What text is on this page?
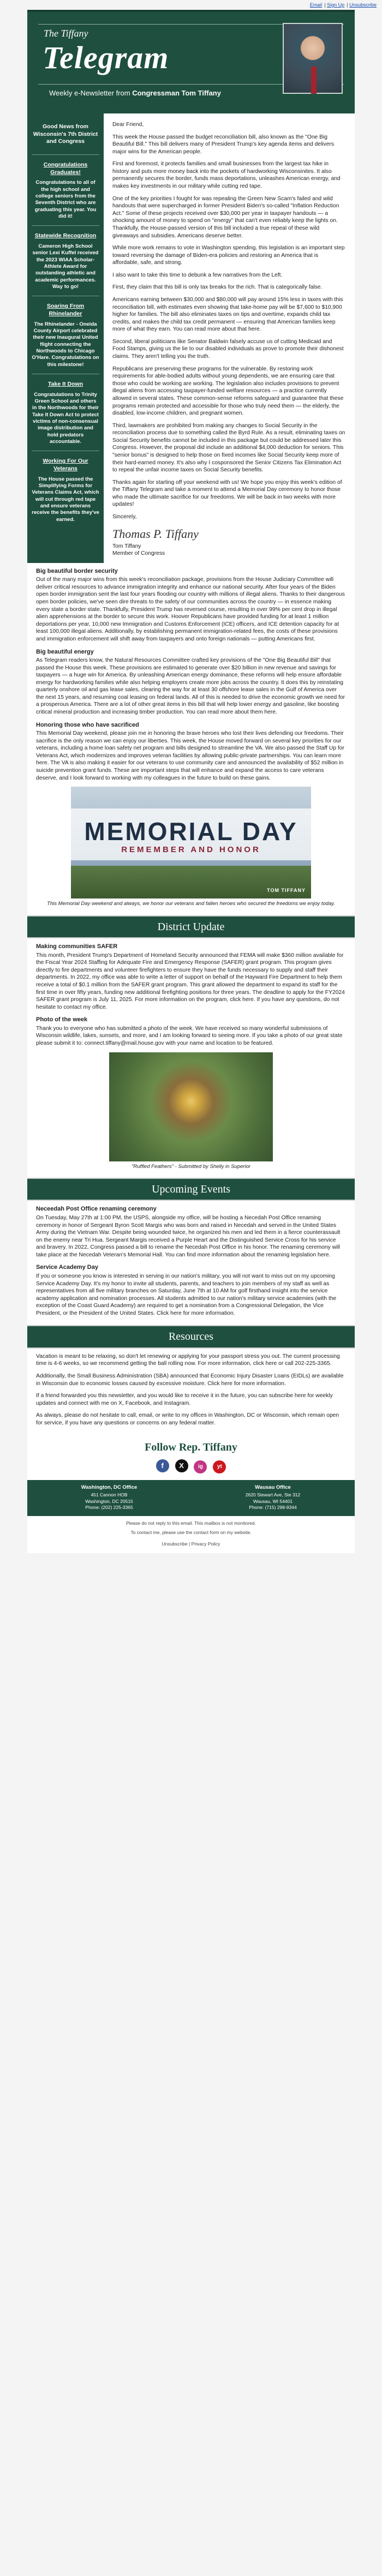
Email | Sign Up | Unsubscribe
The Tiffany
Telegram
Weekly e-Newsletter from Congressman Tom Tiffany
Good News from Wisconsin's 7th District and Congress
Congratulations Graduates!

Congratulations to all of the high school and college seniors from the Seventh District who are graduating this year. You did it!

Statewide Recognition

Cameron High School senior Lexi Kuffel received the 2023 WIAA Scholar-Athlete Award for outstanding athletic and academic performances. Way to go!

Soaring From Rhinelander

The Rhinelander - Oneida County Airport celebrated their new Inaugural United flight connecting the Northwoods to Chicago O'Hare. Congratulations on this milestone!

Take It Down

Congratulations to Trinity Green School and others in the Northwoods for their Take It Down Act to protect victims of non-consensual image distribution and hold predators accountable.

Working For Our Veterans

The House passed the Simplifying Forms for Veterans Claims Act, which will cut through red tape and ensure veterans receive the benefits they've earned.

Dear Friend,

This week the House passed the budget reconciliation bill, also known as the "One Big Beautiful Bill." This bill delivers many of President Trump's key agenda items and delivers major wins for the American people.

First and foremost, it protects families and small businesses from the largest tax hike in history and puts more money back into the pockets of hardworking Wisconsinites. It also permanently secures the border, funds mass deportations, unleashes American energy, and makes key investments in our military while cutting red tape.

One of the key priorities I fought for was repealing the Green New Scam's failed and wild handouts that were supercharged in former President Biden's so-called "Inflation Reduction Act." Some of these projects received over $30,000 per year in taxpayer handouts — a shocking amount of money to spend on "energy" that can't even reliably keep the lights on. Thankfully, the House-passed version of this bill included a true repeal of these wild giveaways and subsidies. Americans deserve better.

While more work remains to vote in Washington spending, this legislation is an important step toward reversing the damage of Biden-era policies and restoring an America that is affordable, safe, and strong.

I also want to take this time to debunk a few narratives from the Left.

First, they claim that this bill is only tax breaks for the rich. That is categorically false.

Americans earning between $30,000 and $80,000 will pay around 15% less in taxes with this reconciliation bill, with estimates even showing that take-home pay will be $7,600 to $10,900 higher for families. The bill also eliminates taxes on tips and overtime, expands child tax credits, and makes the child tax credit permanent — ensuring that American families keep more of what they earn. You can read more about that here.

Second, liberal politicians like Senator Baldwin falsely accuse us of cutting Medicaid and Food Stamps, giving us the lie to our disabled individuals as prove to promote their dishonest claims. They aren't telling you the truth.

Republicans are preserving these programs for the vulnerable. By restoring work requirements for able-bodied adults without young dependents, we are ensuring care that those who could be working are working. The legislation also includes provisions to prevent illegal aliens from accessing taxpayer-funded welfare resources — a practice currently allowed in several states. These common-sense reforms safeguard and guarantee that these programs remain protected and accessible for those who truly need them — the elderly, the disabled, low-income children, and pregnant women.

Third, lawmakers are prohibited from making any changes to Social Security in the reconciliation process due to something called the Byrd Rule. As a result, eliminating taxes on Social Security benefits cannot be included in this package but could be addressed later this Congress. However, the proposal did include an additional $4,000 deduction for seniors. This "senior bonus" is designed to help those on fixed incomes like Social Security keep more of their hard-earned money. It's also why I cosponsored the Senior Citizens Tax Elimination Act to repeal the unfair income taxes on Social Security benefits.

Thanks again for starting off your weekend with us! We hope you enjoy this week's edition of the Tiffany Telegram and take a moment to attend a Memorial Day ceremony to honor those who made the ultimate sacrifice for our freedoms. We will be back in two weeks with more updates!

Sincerely,

Thomas P. Tiffany
Tom Tiffany
Member of Congress
Big beautiful border security

Out of the many major wins from this week's reconciliation package, provisions from the House Judiciary Committee will deliver critical resources to advance immigration integrity and enhance our national security. After four years of the Biden open border immigration sent the last four years flooding our country with millions of illegal aliens. Thanks to their dangerous open border policies, we've seen dire threats to the safety of our communities across the country — in essence making every state a border state. Thankfully, President Trump has reversed course, resulting in over 99% per cent drop in illegal alien apprehensions at the border to secure this work. Hoover Republicans have provided funding for at least 1 million deportations per year, 10,000 new Immigration and Customs Enforcement (ICE) officers, and ICE detention capacity for at least 100,000 illegal aliens. Additionally, by establishing permanent immigration-related fees, the costs of these provisions and immigration enforcement will shift away from taxpayers and onto foreign nationals — putting Americans first.

Big beautiful energy

As Telegram readers know, the Natural Resources Committee crafted key provisions of the "One Big Beautiful Bill" that passed the House this week. These provisions are estimated to generate over $20 billion in new revenue and savings for taxpayers — a huge win for America. By unleashing American energy dominance, these reforms will help ensure affordable energy for hardworking families while also helping employers create more jobs across the country. It does this by reinstating quarterly onshore oil and gas lease sales, clearing the way for at least 30 offshore lease sales in the Gulf of America over the next 15 years, and resuming coal leasing on federal lands. All of this is needed to drive the economic growth we need for a prosperous America. There are a lot of other great items in this bill that will help lower energy and gasoline, like boosting critical mineral production and increasing timber production. You can read more about them here.

Honoring those who have sacrificed

This Memorial Day weekend, please join me in honoring the brave heroes who lost their lives defending our freedoms. Their sacrifice is the only reason we can enjoy our liberties. This week, the House moved forward on several key priorities for our veterans, including a home loan safety net program and bills designed to streamline the VA. We also passed the Staff Up for Veterans Act, which modernizes and improves veteran facilities by allowing public-private partnerships. You can learn more here. The VA is also making it easier for our veterans to use community care and announced the availability of $52 million in suicide prevention grant funds. These are important steps that will enhance and expand the access to care veterans deserve, and I look forward to working with my colleagues in the future to build on these gains.

MEMORIAL DAY
REMEMBER AND HONOR
TOM TIFFANY
This Memorial Day weekend and always, we honor our veterans and fallen heroes who secured the freedoms we enjoy today.
District Update
Making communities SAFER

This month, President Trump's Department of Homeland Security announced that FEMA will make $360 million available for the Fiscal Year 2024 Staffing for Adequate Fire and Emergency Response (SAFER) grant program. This program gives directly to fire departments and volunteer firefighters to ensure they have the funds necessary to supply and staff their departments. In 2022, my office was able to write a letter of support on behalf of the Hayward Fire Department to help them receive a total of $0.1 million from the SAFER grant program. This grant allowed the department to expand its staff for the first time in over fifty years, funding new additional firefighting positions for three years. The deadline to apply for the FY2024 SAFER grant program is July 11, 2025. For more information on the program, click here. If you have any questions, do not hesitate to contact my office.

Photo of the week

Thank you to everyone who has submitted a photo of the week. We have received so many wonderful submissions of Wisconsin wildlife, lakes, sunsets, and more, and I am looking forward to seeing more. If you take a photo of our great state please submit it to: connect.tiffany@mail.house.gov with your name and location to be featured.

"Ruffled Feathers" - Submitted by Shelly in Superior
Upcoming Events
Neceedah Post Office renaming ceremony

On Tuesday, May 27th at 1:00 PM, the USPS, alongside my office, will be hosting a Necedah Post Office renaming ceremony in honor of Sergeant Byron Scott Margis who was born and raised in Necedah and served in the United States Army during the Vietnam War. Despite being wounded twice, he organized his men and led them in a fierce counterassault on the enemy near Tri Hua. Sergeant Margis received a Purple Heart and the Distinguished Service Cross for his service and bravery. In 2022, Congress passed a bill to rename the Necedah Post Office in his honor. The renaming ceremony will take place at the Necedah Veteran's Memorial Hall. You can find more information about the renaming legislation here.

Service Academy Day

If you or someone you know is interested in serving in our nation's military, you will not want to miss out on my upcoming Service Academy Day. It's my honor to invite all students, parents, and teachers to join members of my staff as well as representatives from all five military branches on Saturday, June 7th at 10 AM for golf firsthand insight into the service academy application and nomination processes. All students admitted to our nation's military service academies (with the exception of the Coast Guard Academy) are required to get a nomination from a Congressional Delegation, the Vice President, or the President of the United States. Click here for more information.

Resources

Vacation is meant to be relaxing, so don't let renewing or applying for your passport stress you out. The current processing time is 4-6 weeks, so we recommend getting the ball rolling now. For more information, click here or call 202-225-3365.

Additionally, the Small Business Administration (SBA) announced that Economic Injury Disaster Loans (EIDLs) are available in Wisconsin due to economic losses caused by excessive moisture. Click here for more information.

If a friend forwarded you this newsletter, and you would like to receive it in the future, you can subscribe here for weekly updates and connect with me on X, Facebook, and Instagram.

As always, please do not hesitate to call, email, or write to my offices in Washington, DC or Wisconsin, which remain open for service, if you have any questions or concerns on any federal matter.

Follow Rep. Tiffany
f X	ig	yt
Washington, DC Office
451 Cannon HOB
Washington, DC 20515
Phone: (202) 225-3365
Wausau Office
2620 Stewart Ave, Ste 312
Wausau, WI 54401
Phone: (715) 298-9344
Please do not reply to this email. This mailbox is not monitored.
To contact me, please use the contact form on my website.
Unsubscribe | Privacy Policy
